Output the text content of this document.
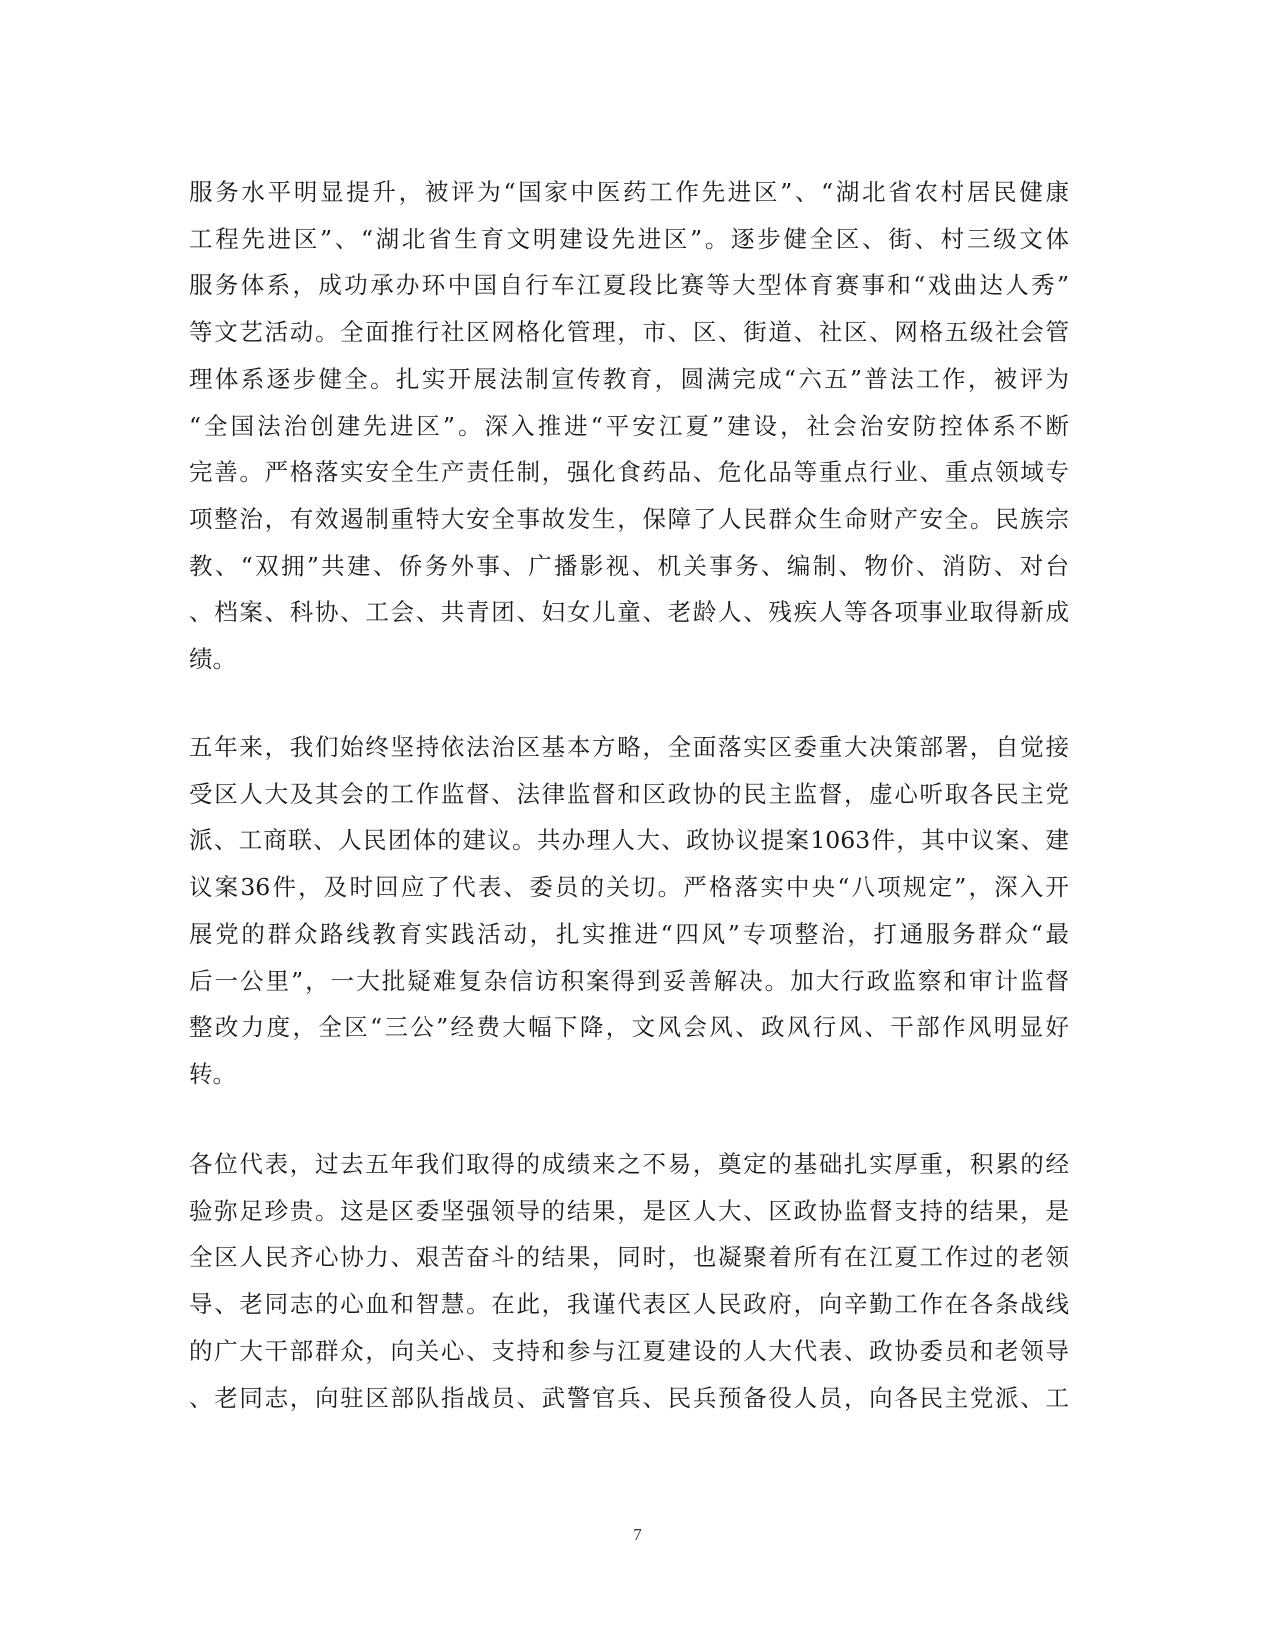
服务水平明显提升，被评为“国家中医药工作先进区”、“湖北省农村居民健康
工程先进区”、“湖北省生育文明建设先进区”。逐步健全区、街、村三级文体
服务体系，成功承办环中国自行车江夏段比赛等大型体育赛事和“戏曲达人秀”
等文艺活动。全面推行社区网格化管理，市、区、街道、社区、网格五级社会管
理体系逐步健全。扎实开展法制宣传教育，圆满完成“六五”普法工作，被评为
“全国法治创建先进区”。深入推进“平安江夏”建设，社会治安防控体系不断
完善。严格落实安全生产责任制，强化食药品、危化品等重点行业、重点领域专
项整治，有效遏制重特大安全事故发生，保障了人民群众生命财产安全。民族宗
教、“双拥”共建、侨务外事、广播影视、机关事务、编制、物价、消防、对台
、档案、科协、工会、共青团、妇女儿童、老龄人、残疾人等各项事业取得新成
绩。
五年来，我们始终坚持依法治区基本方略，全面落实区委重大决策部署，自觉接
受区人大及其会的工作监督、法律监督和区政协的民主监督，虚心听取各民主党
派、工商联、人民团体的建议。共办理人大、政协议提案1063件，其中议案、建
议案36件，及时回应了代表、委员的关切。严格落实中央“八项规定”，深入开
展党的群众路线教育实践活动，扎实推进“四风”专项整治，打通服务群众“最
后一公里”，一大批疑难复杂信访积案得到妥善解决。加大行政监察和审计监督
整改力度，全区“三公”经费大幅下降，文风会风、政风行风、干部作风明显好
转。
各位代表，过去五年我们取得的成绩来之不易，奠定的基础扎实厚重，积累的经
验弥足珍贵。这是区委坚强领导的结果，是区人大、区政协监督支持的结果，是
全区人民齐心协力、艰苦奋斗的结果，同时，也凝聚着所有在江夏工作过的老领
导、老同志的心血和智慧。在此，我谨代表区人民政府，向辛勤工作在各条战线
的广大干部群众，向关心、支持和参与江夏建设的人大代表、政协委员和老领导
、老同志，向驻区部队指战员、武警官兵、民兵预备役人员，向各民主党派、工
7
